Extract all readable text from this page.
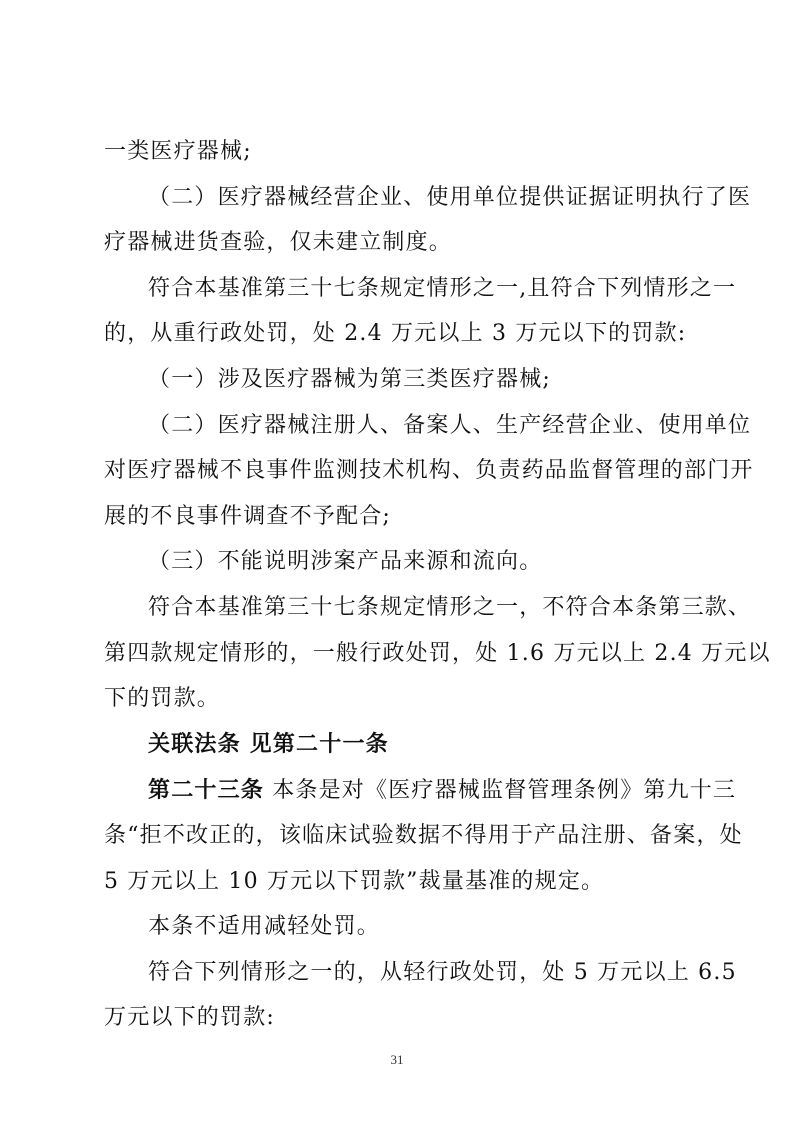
一类医疗器械;
（二）医疗器械经营企业、使用单位提供证据证明执行了医
疗器械进货查验，仅未建立制度。
符合本基准第三十七条规定情形之一,且符合下列情形之一
的，从重行政处罚，处 2.4 万元以上 3 万元以下的罚款:
（一）涉及医疗器械为第三类医疗器械;
（二）医疗器械注册人、备案人、生产经营企业、使用单位
对医疗器械不良事件监测技术机构、负责药品监督管理的部门开
展的不良事件调查不予配合;
（三）不能说明涉案产品来源和流向。
符合本基准第三十七条规定情形之一，不符合本条第三款、
第四款规定情形的，一般行政处罚，处 1.6 万元以上 2.4 万元以
下的罚款。
关联法条 见第二十一条
第二十三条 本条是对《医疗器械监督管理条例》第九十三
条“拒不改正的，该临床试验数据不得用于产品注册、备案，处
5 万元以上 10 万元以下罚款”裁量基准的规定。
本条不适用减轻处罚。
符合下列情形之一的，从轻行政处罚，处 5 万元以上 6.5
万元以下的罚款:
31
